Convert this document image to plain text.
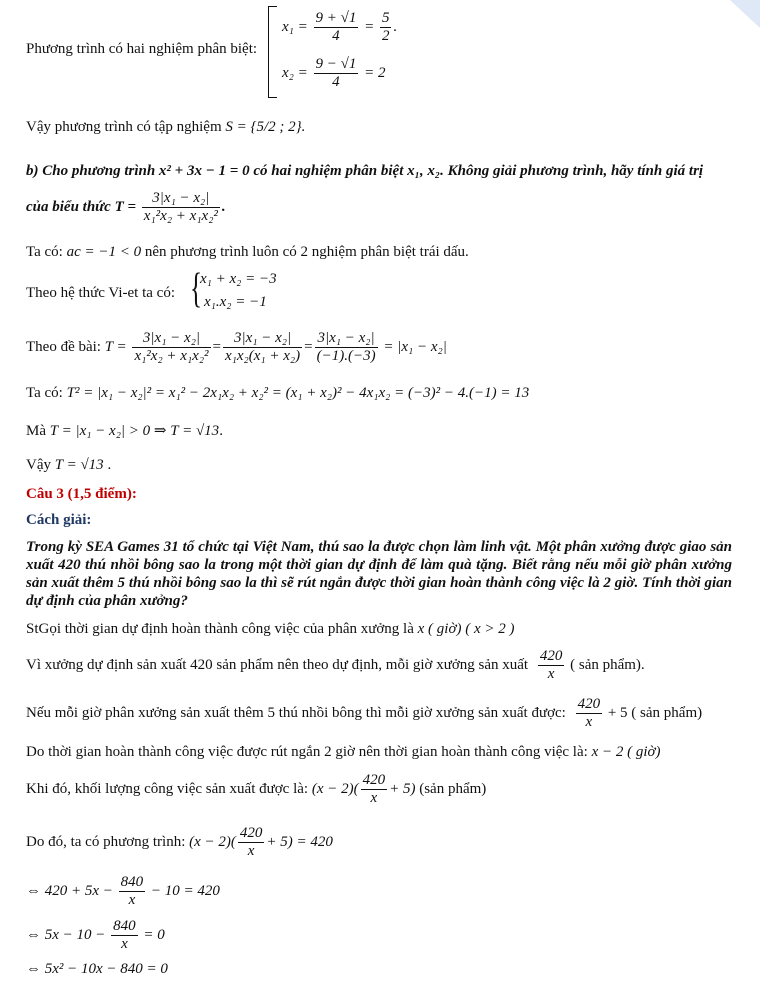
Phương trình có hai nghiệm phân biệt:
$x_1 = \frac{9 + √1}{4} = \frac{5}{2}$ .
$x_2 = \frac{9 - √1}{4} = 2$
Vậy phương trình có tập nghiệm S = {5/2 ; 2}.
b) Cho phương trình x² + 3x − 1 = 0 có hai nghiệm phân biệt x₁, x₂. Không giải phương trình, hãy tính giá trị
của biểu thức $T = \frac{\text{3|x₁ − x₂|}}{\text{x₁²x₂ + x₁x₂²}}$ .
Ta có: ac = −1 < 0 nên phương trình luôn có 2 nghiệm phân biệt trái dấu.
Theo hệ thức Vi-et ta có: {
x₁ + x₂ = −3
x₁.x₂ = −1
Theo đề bài: $T = \frac{\text{3|x₁ − x₂|}}{\text{x₁²x₂ + x₁x₂²}} = \frac{\text{3|x₁ − x₂|}}{\text{x₁x₂(x₁ + x₂)}} = \frac{\text{3|x₁ − x₂|}}{(-1).(-3)} = |x_1 - x_2|$
Ta có: T² = |x₁ − x₂|² = x₁² − 2x₁x₂ + x₂² = (x₁ + x₂)² − 4x₁x₂ = (−3)² − 4.(−1) = 13
Mà T = |x₁ − x₂| > 0 ⇒ T = √13.
Vậy T = √13 .
Câu 3 (1,5 điểm):
Cách giải:
Trong kỳ SEA Games 31 tổ chức tại Việt Nam, thú sao la được chọn làm linh vật. Một phân xưởng được giao sản xuất 420 thú nhồi bông sao la trong một thời gian dự định để làm quà tặng. Biết rằng nếu mỗi giờ phân xưởng sản xuất thêm 5 thú nhồi bông sao la thì sẽ rút ngắn được thời gian hoàn thành công việc là 2 giờ. Tính thời gian dự định của phân xưởng?
StGọi thời gian dự định hoàn thành công việc của phân xưởng là x ( giờ) ( x > 2 )
Vì xưởng dự định sản xuất 420 sản phẩm nên theo dự định, mỗi giờ xưởng sản xuất $\frac{420}{x}$ ( sản phẩm).
Nếu mỗi giờ phân xưởng sản xuất thêm 5 thú nhồi bông thì mỗi giờ xưởng sản xuất được: $\frac{420}{x} + 5$ ( sản phẩm)
Do thời gian hoàn thành công việc được rút ngắn 2 giờ nên thời gian hoàn thành công việc là: x − 2 ( giờ)
Khi đó, khối lượng công việc sản xuất được là: $(x - 2)( \frac{420}{x} + 5)$ (sản phẩm)
Do đó, ta có phương trình: $(x - 2)( \frac{420}{x} + 5) = 420$
⇔ $420 + 5x - \frac{840}{x} - 10 = 420$
⇔ $5x - 10 - \frac{840}{x} = 0$
⇔ 5x² − 10x − 840 = 0
